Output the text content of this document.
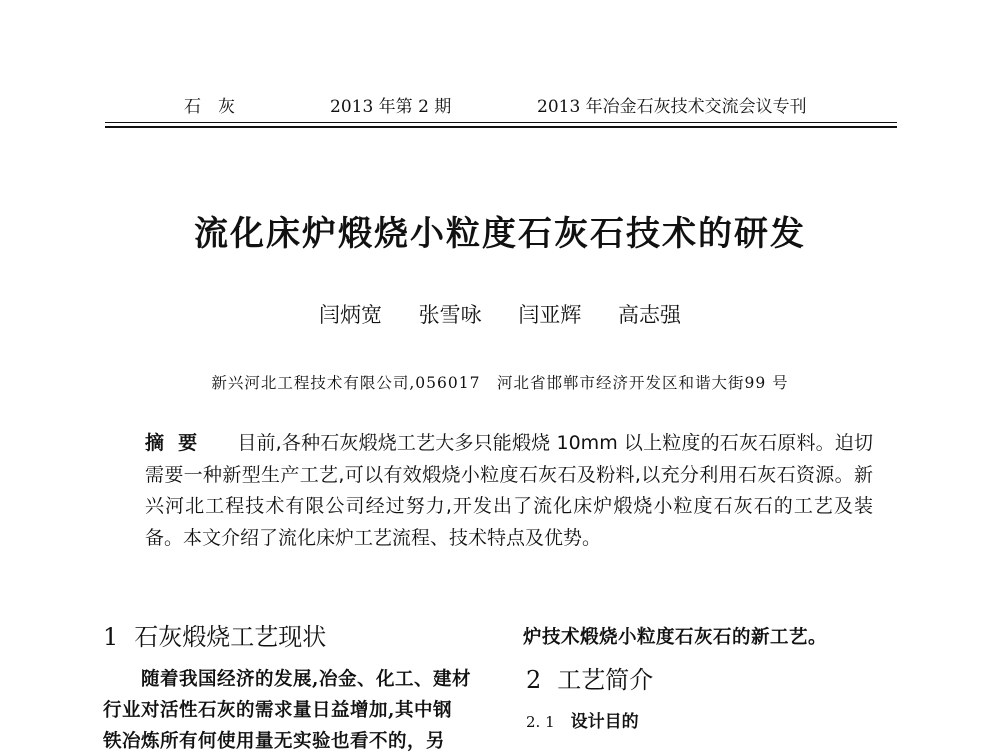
石　灰	2013 年第 2 期	2013 年冶金石灰技术交流会议专刊
流化床炉煅烧小粒度石灰石技术的研发
闫炳宽 张雪咏 闫亚辉 高志强
新兴河北工程技术有限公司,056017　河北省邯郸市经济开发区和谐大街99 号
摘要 目前,各种石灰煅烧工艺大多只能煅烧 10mm 以上粒度的石灰石原料。迫切需要一种新型生产工艺,可以有效煅烧小粒度石灰石及粉料,以充分利用石灰石资源。新兴河北工程技术有限公司经过努力,开发出了流化床炉煅烧小粒度石灰石的工艺及装备。本文介绍了流化床炉工艺流程、技术特点及优势。
1 石灰煅烧工艺现状
随着我国经济的发展,冶金、化工、建材
行业对活性石灰的需求量日益增加,其中钢
铁冶炼所有何使用量无实验也看不的，另
炉技术煅烧小粒度石灰石的新工艺。
2 工艺简介
2. 1 设计目的
